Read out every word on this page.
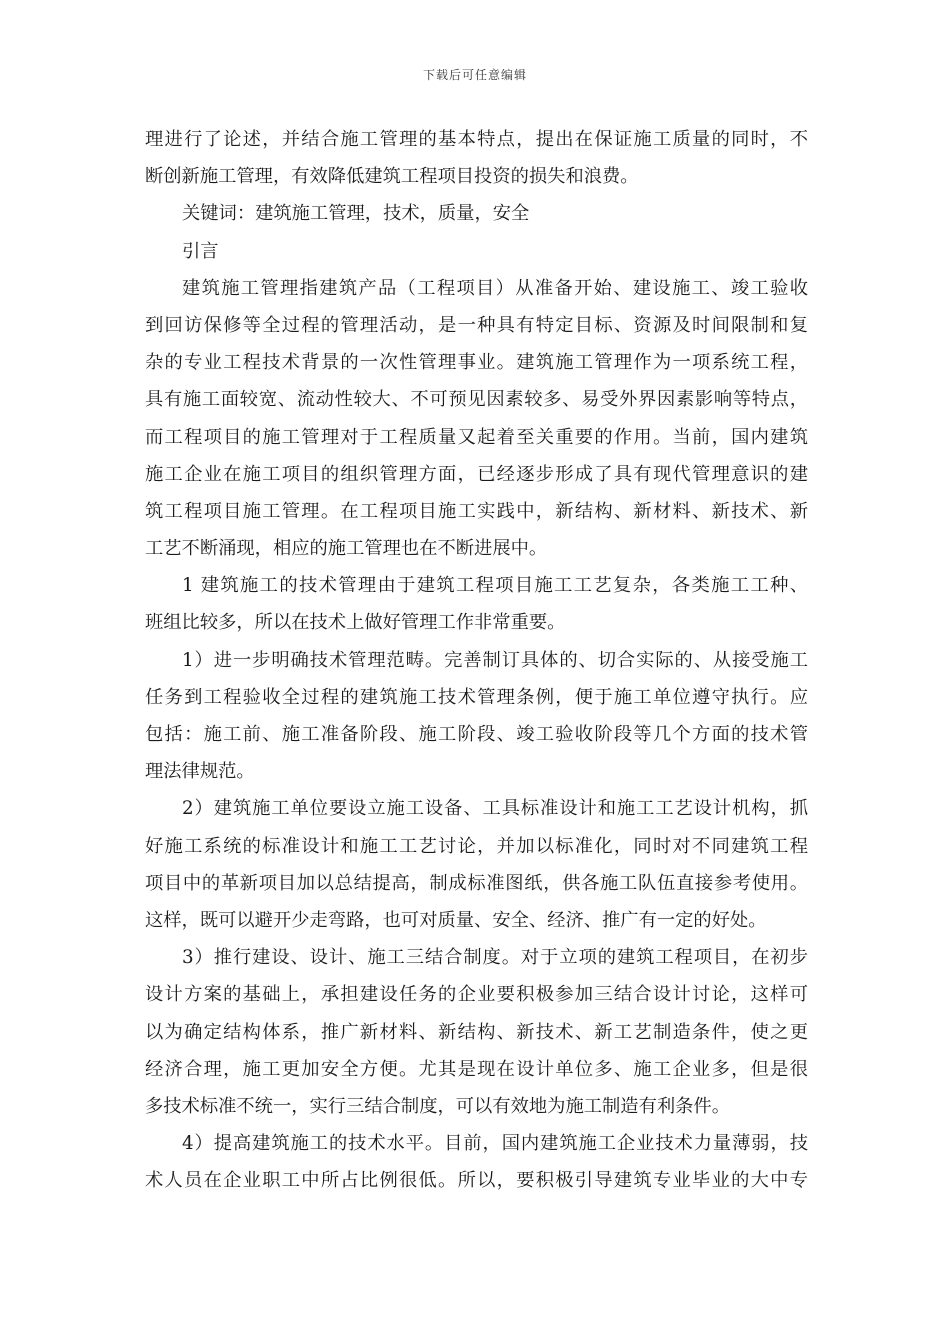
下载后可任意编辑
理进行了论述，并结合施工管理的基本特点，提出在保证施工质量的同时，不
断创新施工管理，有效降低建筑工程项目投资的损失和浪费。
关键词：建筑施工管理，技术，质量，安全
引言
建筑施工管理指建筑产品（工程项目）从准备开始、建设施工、竣工验收
到回访保修等全过程的管理活动，是一种具有特定目标、资源及时间限制和复
杂的专业工程技术背景的一次性管理事业。建筑施工管理作为一项系统工程，
具有施工面较宽、流动性较大、不可预见因素较多、易受外界因素影响等特点，
而工程项目的施工管理对于工程质量又起着至关重要的作用。当前，国内建筑
施工企业在施工项目的组织管理方面，已经逐步形成了具有现代管理意识的建
筑工程项目施工管理。在工程项目施工实践中，新结构、新材料、新技术、新
工艺不断涌现，相应的施工管理也在不断进展中。
1 建筑施工的技术管理由于建筑工程项目施工工艺复杂，各类施工工种、
班组比较多，所以在技术上做好管理工作非常重要。
1）进一步明确技术管理范畴。完善制订具体的、切合实际的、从接受施工
任务到工程验收全过程的建筑施工技术管理条例，便于施工单位遵守执行。应
包括：施工前、施工准备阶段、施工阶段、竣工验收阶段等几个方面的技术管
理法律规范。
2）建筑施工单位要设立施工设备、工具标准设计和施工工艺设计机构，抓
好施工系统的标准设计和施工工艺讨论，并加以标准化，同时对不同建筑工程
项目中的革新项目加以总结提高，制成标准图纸，供各施工队伍直接参考使用。
这样，既可以避开少走弯路，也可对质量、安全、经济、推广有一定的好处。
3）推行建设、设计、施工三结合制度。对于立项的建筑工程项目，在初步
设计方案的基础上，承担建设任务的企业要积极参加三结合设计讨论，这样可
以为确定结构体系，推广新材料、新结构、新技术、新工艺制造条件，使之更
经济合理，施工更加安全方便。尤其是现在设计单位多、施工企业多，但是很
多技术标准不统一，实行三结合制度，可以有效地为施工制造有利条件。
4）提高建筑施工的技术水平。目前，国内建筑施工企业技术力量薄弱，技
术人员在企业职工中所占比例很低。所以，要积极引导建筑专业毕业的大中专
